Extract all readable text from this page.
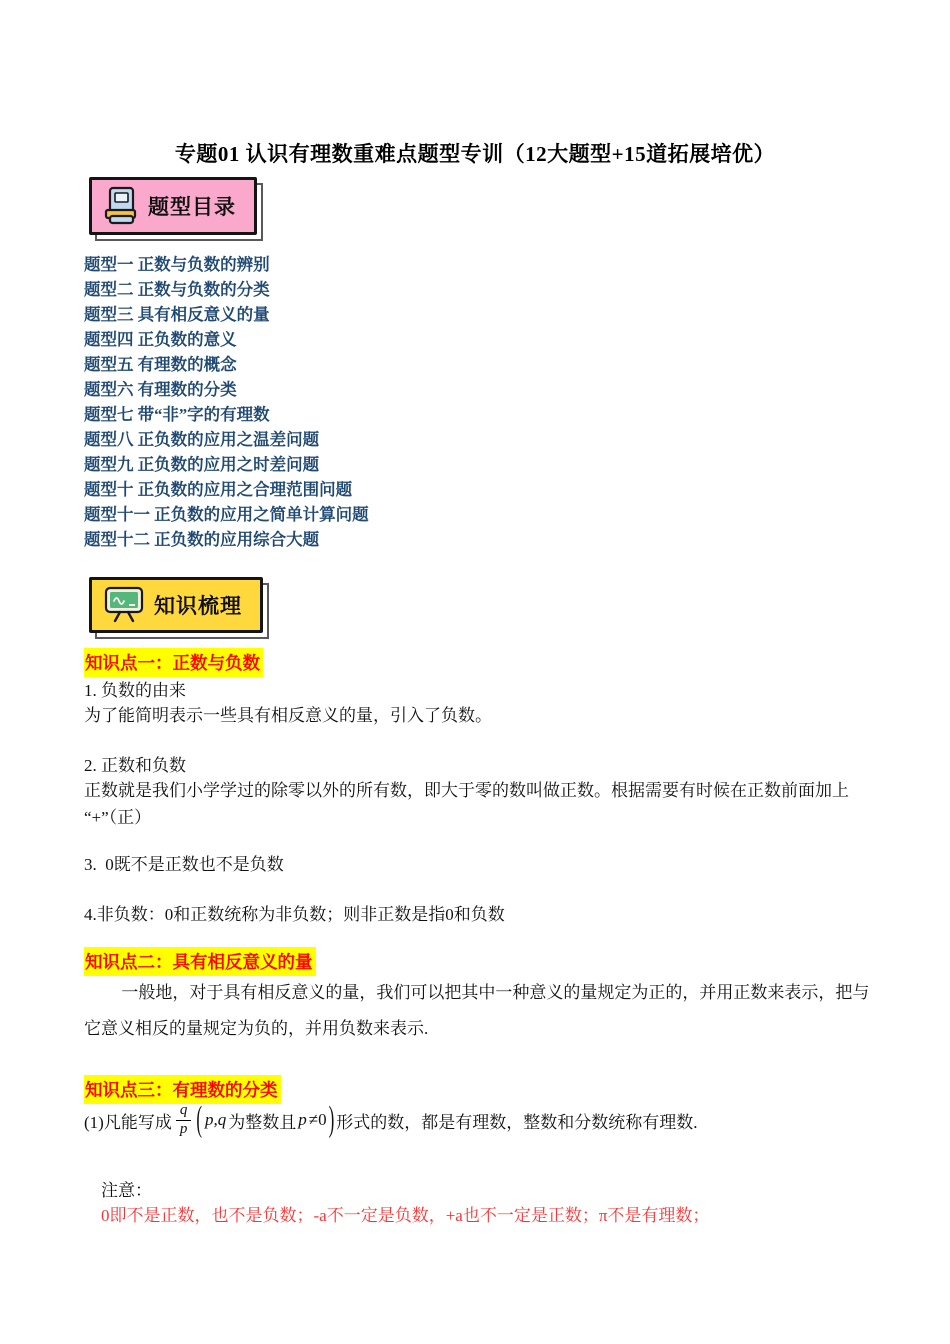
专题01 认识有理数重难点题型专训（12大题型+15道拓展培优）
题型目录
题型一 正数与负数的辨别
题型二 正数与负数的分类
题型三 具有相反意义的量
题型四 正负数的意义
题型五 有理数的概念
题型六 有理数的分类
题型七 带“非”字的有理数
题型八 正负数的应用之温差问题
题型九 正负数的应用之时差问题
题型十 正负数的应用之合理范围问题
题型十一 正负数的应用之简单计算问题
题型十二 正负数的应用综合大题
知识梳理
知识点一：正数与负数

1. 负数的由来

为了能简明表示一些具有相反意义的量，引入了负数。

2. 正数和负数

正数就是我们小学学过的除零以外的所有数，即大于零的数叫做正数。根据需要有时候在正数前面加上

“+”（正）

3.  0既不是正数也不是负数

4.非负数：0和正数统称为非负数；则非正数是指0和负数

知识点二：具有相反意义的量

一般地，对于具有相反意义的量，我们可以把其中一种意义的量规定为正的，并用正数来表示，把与

它意义相反的量规定为负的，并用负数来表示.

知识点三：有理数的分类
(1)凡能写成 $\frac{q}{p}$ ( p,q 为整数且 p ≠0 ) 形式的数，都是有理数，整数和分数统称有理数.

注意：
0即不是正数，也不是负数；-a不一定是负数，+a也不一定是正数；π不是有理数；
